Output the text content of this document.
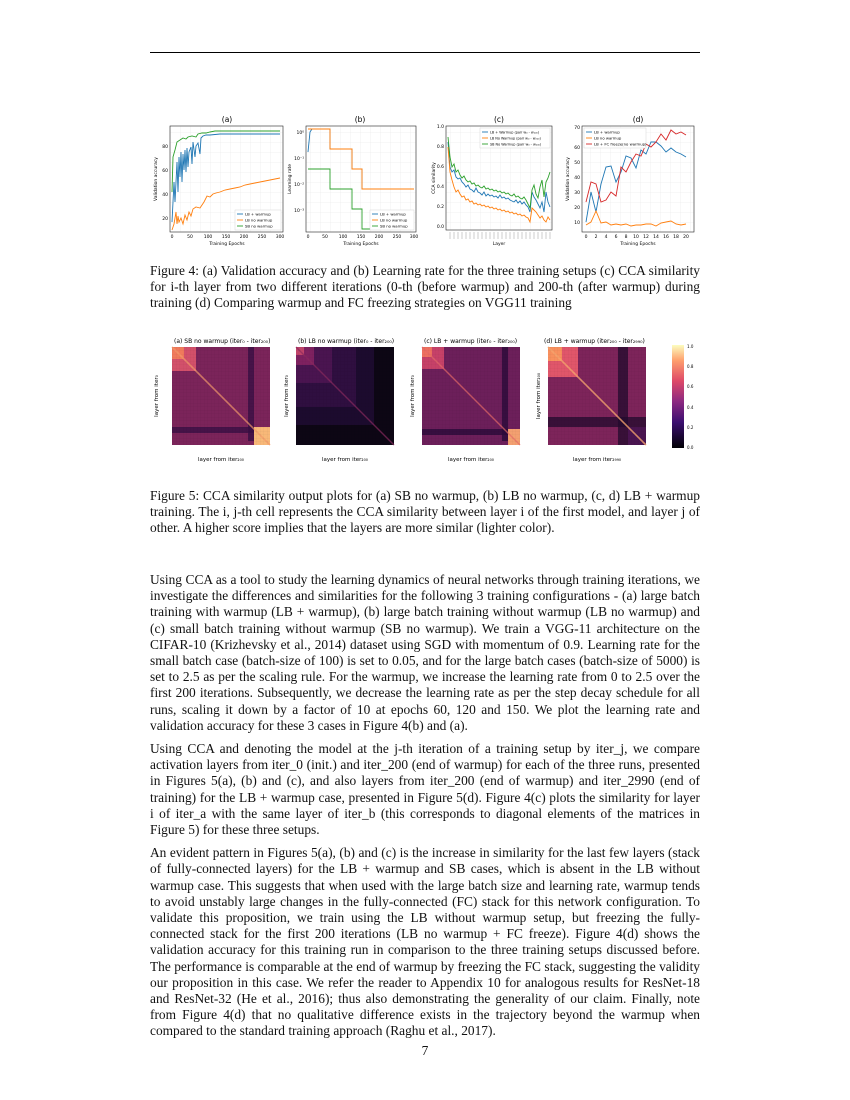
(a)
20
40
60
80
0	50 100 150 200 250 300
Training Epochs
Validation accuracy
LB + warmup
LB no warmup
SB no warmup
(b)
10⁰
10⁻¹
10⁻²
10⁻³
0	50 100 150 200 250 300
Training Epochs
Learning rate
LB + warmup
LB no warmup
SB no warmup
(c)
0.0
0.2
0.4
0.6
0.8
1.0
Layer
CCA similarity
LB + Warmup (pair w₀ - w₂₀₀)
LB No Warmup (pair w₀ - w₂₀₀)
SB No Warmup (pair w₀ - w₂₀₀)
(d)
10
20
30
40
50
60
70
0 2 4 6 8 10 12 14 16 18 20
Training Epochs
Validation accuracy
LB + warmup
LB no warmup
LB + FC freeze(no warmup)
Figure 4: (a) Validation accuracy and (b) Learning rate for the three training setups (c) CCA similarity for i-th layer from two different iterations (0-th (before warmup) and 200-th (after warmup) during training (d) Comparing warmup and FC freezing strategies on VGG11 training
(a) SB no warmup (iter₀ - iter₂₀₀)
layer from iter₂₀₀
layer from iter₀
(b) LB no warmup (iter₀ - iter₂₀₀)
layer from iter₂₀₀
layer from iter₀
(c) LB + warmup (iter₀ - iter₂₀₀)
layer from iter₂₀₀
layer from iter₀
(d) LB + warmup (iter₂₀₀ - iter₂₉₉₀)
layer from iter₂₉₉₀
layer from iter₂₀₀
1.0
0.8
0.6
0.4
0.2
0.0
Figure 5: CCA similarity output plots for (a) SB no warmup, (b) LB no warmup, (c, d) LB + warmup training. The i, j-th cell represents the CCA similarity between layer i of the first model, and layer j of other. A higher score implies that the layers are more similar (lighter color).

Using CCA as a tool to study the learning dynamics of neural networks through training iterations, we investigate the differences and similarities for the following 3 training configurations - (a) large batch training with warmup (LB + warmup), (b) large batch training without warmup (LB no warmup) and (c) small batch training without warmup (SB no warmup). We train a VGG-11 architecture on the CIFAR-10 (Krizhevsky et al., 2014) dataset using SGD with momentum of 0.9. Learning rate for the small batch case (batch-size of 100) is set to 0.05, and for the large batch cases (batch-size of 5000) is set to 2.5 as per the scaling rule. For the warmup, we increase the learning rate from 0 to 2.5 over the first 200 iterations. Subsequently, we decrease the learning rate as per the step decay schedule for all runs, scaling it down by a factor of 10 at epochs 60, 120 and 150. We plot the learning rate and validation accuracy for these 3 cases in Figure 4(b) and (a).

Using CCA and denoting the model at the j-th iteration of a training setup by iter_j, we compare activation layers from iter_0 (init.) and iter_200 (end of warmup) for each of the three runs, presented in Figures 5(a), (b) and (c), and also layers from iter_200 (end of warmup) and iter_2990 (end of training) for the LB + warmup case, presented in Figure 5(d). Figure 4(c) plots the similarity for layer i of iter_a with the same layer of iter_b (this corresponds to diagonal elements of the matrices in Figure 5) for these three setups.

An evident pattern in Figures 5(a), (b) and (c) is the increase in similarity for the last few layers (stack of fully-connected layers) for the LB + warmup and SB cases, which is absent in the LB without warmup case. This suggests that when used with the large batch size and learning rate, warmup tends to avoid unstably large changes in the fully-connected (FC) stack for this network configuration. To validate this proposition, we train using the LB without warmup setup, but freezing the fully-connected stack for the first 200 iterations (LB no warmup + FC freeze). Figure 4(d) shows the validation accuracy for this training run in comparison to the three training setups discussed before. The performance is comparable at the end of warmup by freezing the FC stack, suggesting the validity our proposition in this case. We refer the reader to Appendix 10 for analogous results for ResNet-18 and ResNet-32 (He et al., 2016); thus also demonstrating the generality of our claim. Finally, note from Figure 4(d) that no qualitative difference exists in the trajectory beyond the warmup when compared to the standard training approach (Raghu et al., 2017).

7
